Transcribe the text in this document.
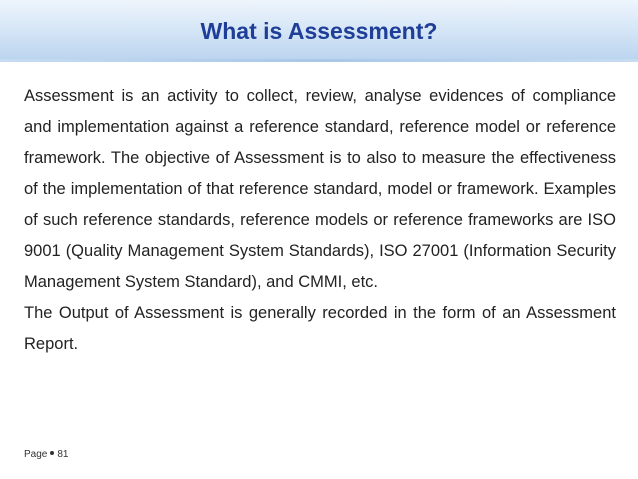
What is Assessment?

Assessment is an activity to collect, review, analyse evidences of compliance and implementation against a reference standard, reference model or reference framework. The objective of Assessment is to also to measure the effectiveness of the implementation of that reference standard, model or framework. Examples of such reference standards, reference models or reference frameworks are ISO 9001 (Quality Management System Standards), ISO 27001 (Information Security Management System Standard), and CMMI, etc.

The Output of Assessment is generally recorded in the form of an Assessment Report.

Page 81
